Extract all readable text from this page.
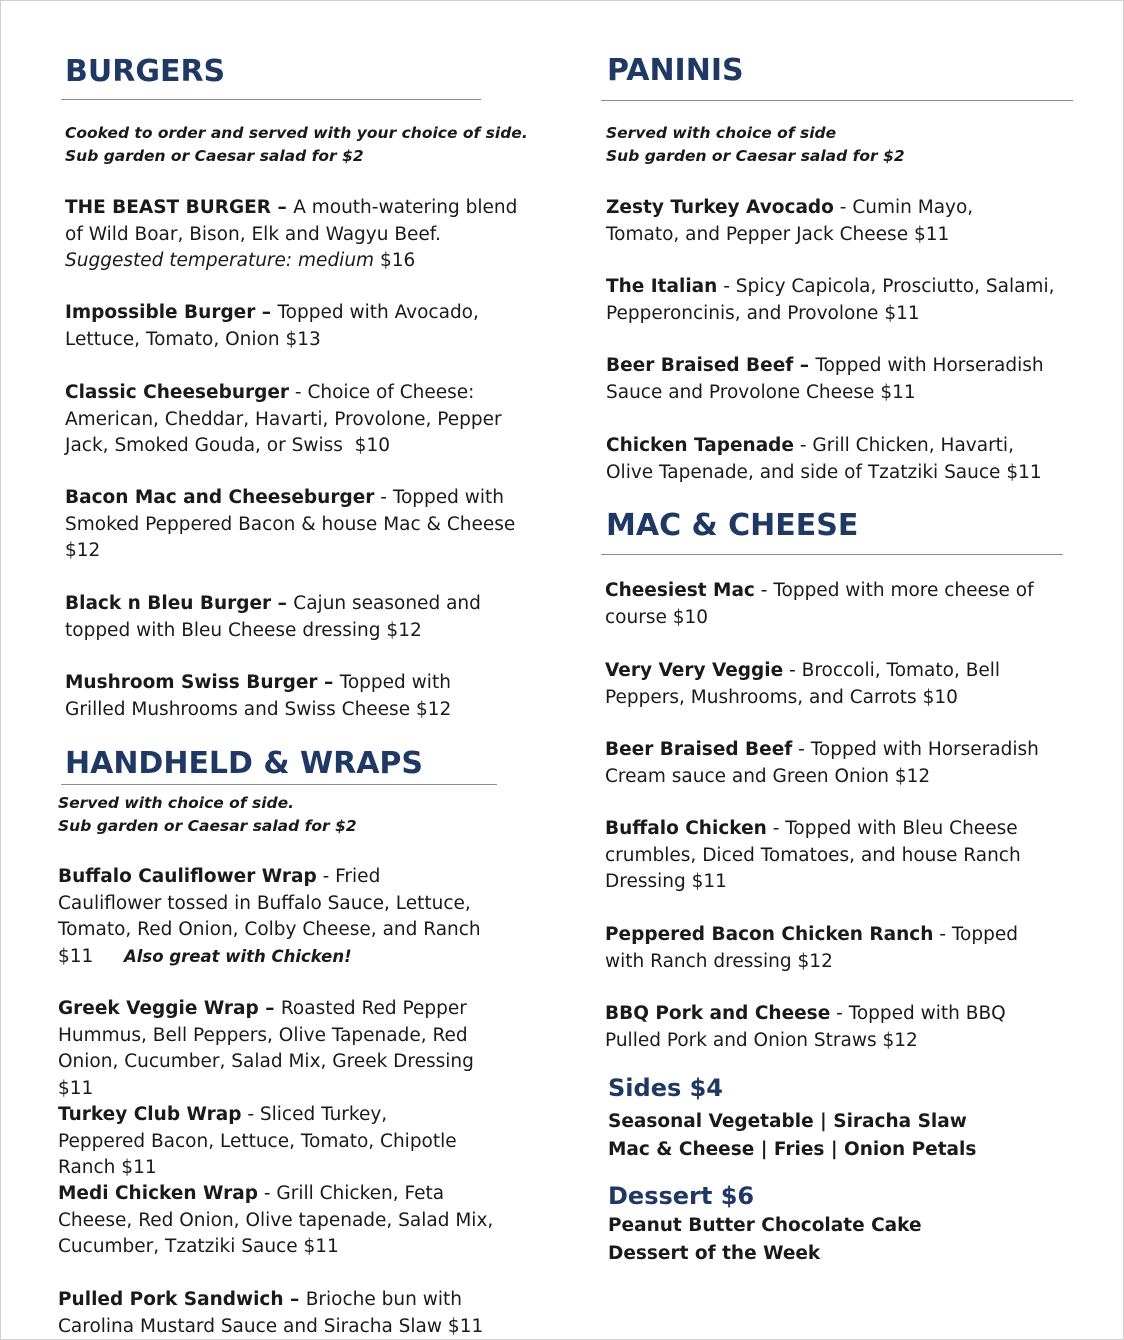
BURGERS

Cooked to order and served with your choice of side.
Sub garden or Caesar salad for $2

THE BEAST BURGER – A mouth-watering blend of Wild Boar, Bison, Elk and Wagyu Beef. Suggested temperature: medium $16

Impossible Burger – Topped with Avocado, Lettuce, Tomato, Onion $13

Classic Cheeseburger - Choice of Cheese: American, Cheddar, Havarti, Provolone, Pepper Jack, Smoked Gouda, or Swiss $10

Bacon Mac and Cheeseburger - Topped with Smoked Peppered Bacon & house Mac & Cheese $12

Black n Bleu Burger – Cajun seasoned and topped with Bleu Cheese dressing $12

Mushroom Swiss Burger – Topped with Grilled Mushrooms and Swiss Cheese $12

HANDHELD & WRAPS

Served with choice of side.
Sub garden or Caesar salad for $2

Buffalo Cauliflower Wrap - Fried Cauliflower tossed in Buffalo Sauce, Lettuce, Tomato, Red Onion, Colby Cheese, and Ranch $11	Also great with Chicken!

Greek Veggie Wrap – Roasted Red Pepper Hummus, Bell Peppers, Olive Tapenade, Red Onion, Cucumber, Salad Mix, Greek Dressing $11

Turkey Club Wrap - Sliced Turkey, Peppered Bacon, Lettuce, Tomato, Chipotle Ranch $11

Medi Chicken Wrap - Grill Chicken, Feta Cheese, Red Onion, Olive tapenade, Salad Mix, Cucumber, Tzatziki Sauce $11

Pulled Pork Sandwich – Brioche bun with Carolina Mustard Sauce and Siracha Slaw $11

PANINIS

Served with choice of side
Sub garden or Caesar salad for $2

Zesty Turkey Avocado - Cumin Mayo, Tomato, and Pepper Jack Cheese $11

The Italian - Spicy Capicola, Prosciutto, Salami, Pepperoncinis, and Provolone $11

Beer Braised Beef – Topped with Horseradish Sauce and Provolone Cheese $11

Chicken Tapenade - Grill Chicken, Havarti, Olive Tapenade, and side of Tzatziki Sauce $11

MAC & CHEESE

Cheesiest Mac - Topped with more cheese of course $10

Very Very Veggie - Broccoli, Tomato, Bell Peppers, Mushrooms, and Carrots $10

Beer Braised Beef - Topped with Horseradish Cream sauce and Green Onion $12

Buffalo Chicken - Topped with Bleu Cheese crumbles, Diced Tomatoes, and house Ranch Dressing $11

Peppered Bacon Chicken Ranch - Topped with Ranch dressing $12

BBQ Pork and Cheese - Topped with BBQ Pulled Pork and Onion Straws $12

Sides $4

Seasonal Vegetable | Siracha Slaw

Mac & Cheese | Fries | Onion Petals

Dessert $6

Peanut Butter Chocolate Cake

Dessert of the Week
